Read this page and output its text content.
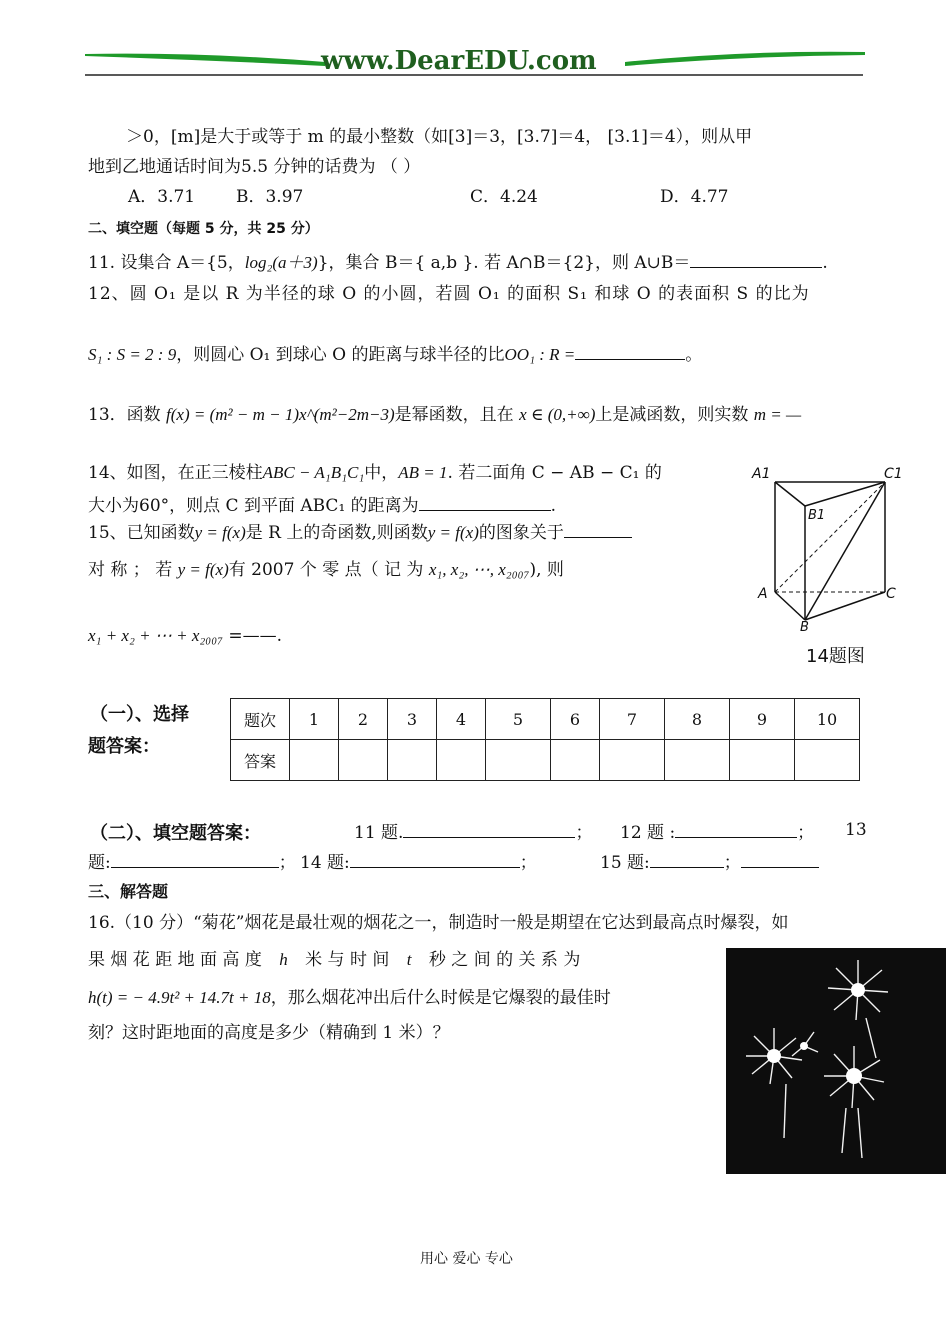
www.DearEDU.com
＞0，[m]是大于或等于 m 的最小整数（如[3]＝3，[3.7]＝4， [3.1]＝4），则从甲
地到乙地通话时间为5.5 分钟的话费为 （ ）
A．3.71 B．3.97	C．4.24	D．4.77
二、填空题（每题 5 分，共 25 分）
11. 设集合 A＝{5，log₂(a＋3)}，集合 B＝{ a,b }. 若 A∩B＝{2}，则 A∪B＝	.
12、圆 O₁ 是以 R 为半径的球 O 的小圆，若圆 O₁ 的面积 S₁ 和球 O 的表面积 S 的比为
S₁ : S = 2 : 9，则圆心 O₁ 到球心 O 的距离与球半径的比OO₁ : R =	。
13．函数 f(x) = (m² − m − 1)x^(m²−2m−3)是幂函数，且在 x ∈ (0,+∞)上是减函数，则实数 m = —
14、如图，在正三棱柱ABC − A₁B₁C₁中，AB = 1. 若二面角 C − AB − C₁ 的
大小为60°，则点 C 到平面 ABC₁ 的距离为	.
15、已知函数y = f(x)是 R 上的奇函数,则函数y = f(x)的图象关于
对 称 ； 若 y = f(x)有 2007 个 零 点（ 记 为 x₁, x₂, ⋯, x₂₀₀₇), 则
x₁ + x₂ + ⋯ + x₂₀₀₇ =——.
A1	C1
B1
A	C
B
14题图
（一）、选择
题答案：
题次	1	2	3	4	5	6	7	8	9	10
答案										
（二）、填空题答案：	11 题.	； 12 题 :	； 13
题:	； 14 题:	；	15 题:	；
三、解答题
16.（10 分）“菊花”烟花是最壮观的烟花之一，制造时一般是期望在它达到最高点时爆裂，如
果 烟 花 距 地 面 高 度 h 米 与 时 间 t 秒 之 间 的 关 系 为
h(t) = − 4.9t² + 14.7t + 18，那么烟花冲出后什么时候是它爆裂的最佳时
刻？这时距地面的高度是多少（精确到 1 米）？
用心 爱心 专心
